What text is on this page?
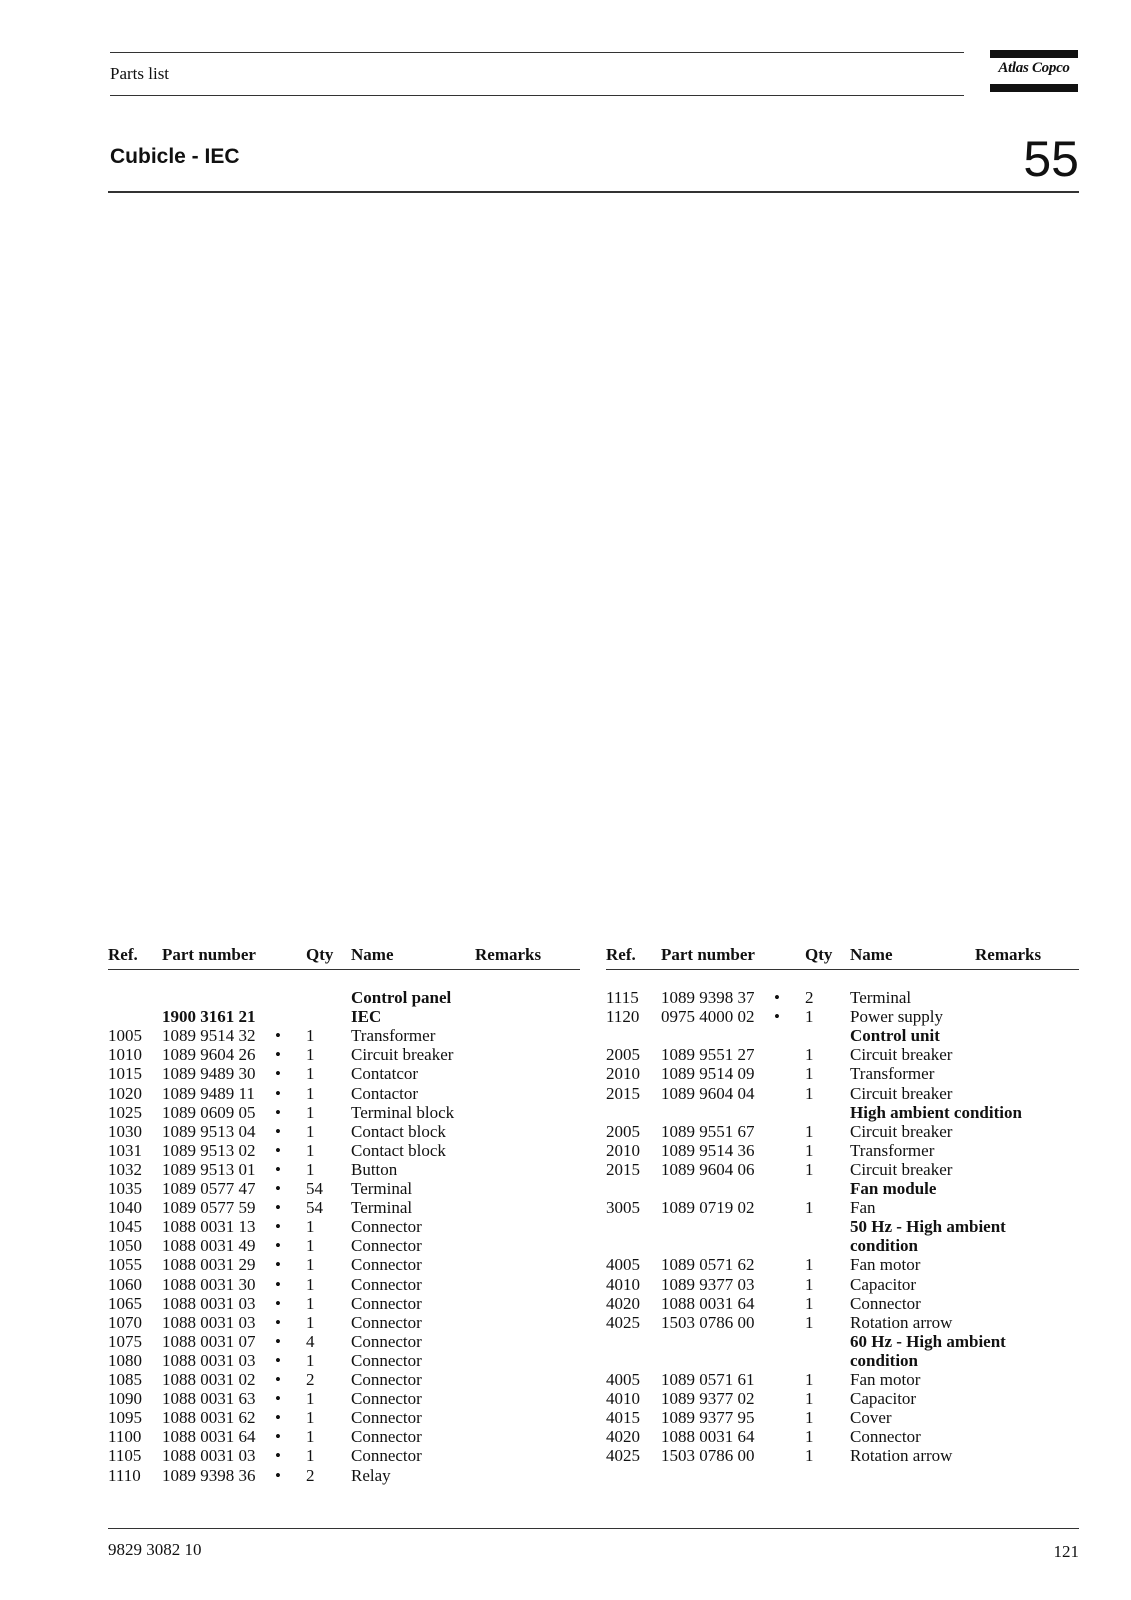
Parts list	Atlas Copco
Cubicle - IEC	55
Ref. Part number	Qty Name	Remarks	Ref. Part number	Qty Name	Remarks
Control panel
1900 3161 21	IEC
1005 1089 9514 32 • 1 Transformer
1010 1089 9604 26 • 1 Circuit breaker
1015 1089 9489 30 • 1 Contatcor
1020 1089 9489 11 • 1 Contactor
1025 1089 0609 05 • 1 Terminal block
1030 1089 9513 04 • 1 Contact block
1031 1089 9513 02 • 1 Contact block
1032 1089 9513 01 • 1 Button
1035 1089 0577 47 • 54 Terminal
1040 1089 0577 59 • 54 Terminal
1045 1088 0031 13 • 1 Connector
1050 1088 0031 49 • 1 Connector
1055 1088 0031 29 • 1 Connector
1060 1088 0031 30 • 1 Connector
1065 1088 0031 03 • 1 Connector
1070 1088 0031 03 • 1 Connector
1075 1088 0031 07 • 4 Connector
1080 1088 0031 03 • 1 Connector
1085 1088 0031 02 • 2 Connector
1090 1088 0031 63 • 1 Connector
1095 1088 0031 62 • 1 Connector
1100 1088 0031 64 • 1 Connector
1105 1088 0031 03 • 1 Connector
1110 1089 9398 36 • 2 Relay
1115 1089 9398 37 • 2 Terminal
1120 0975 4000 02 • 1 Power supply
Control unit
2005 1089 9551 27	1 Circuit breaker
2010 1089 9514 09	1 Transformer
2015 1089 9604 04	1 Circuit breaker
High ambient condition
2005 1089 9551 67	1 Circuit breaker
2010 1089 9514 36	1 Transformer
2015 1089 9604 06	1 Circuit breaker
Fan module
3005 1089 0719 02	1 Fan
50 Hz - High ambient
condition
4005 1089 0571 62	1 Fan motor
4010 1089 9377 03	1 Capacitor
4020 1088 0031 64	1 Connector
4025 1503 0786 00	1 Rotation arrow
60 Hz - High ambient
condition
4005 1089 0571 61	1 Fan motor
4010 1089 9377 02	1 Capacitor
4015 1089 9377 95	1 Cover
4020 1088 0031 64	1 Connector
4025 1503 0786 00	1 Rotation arrow
9829 3082 10	121
